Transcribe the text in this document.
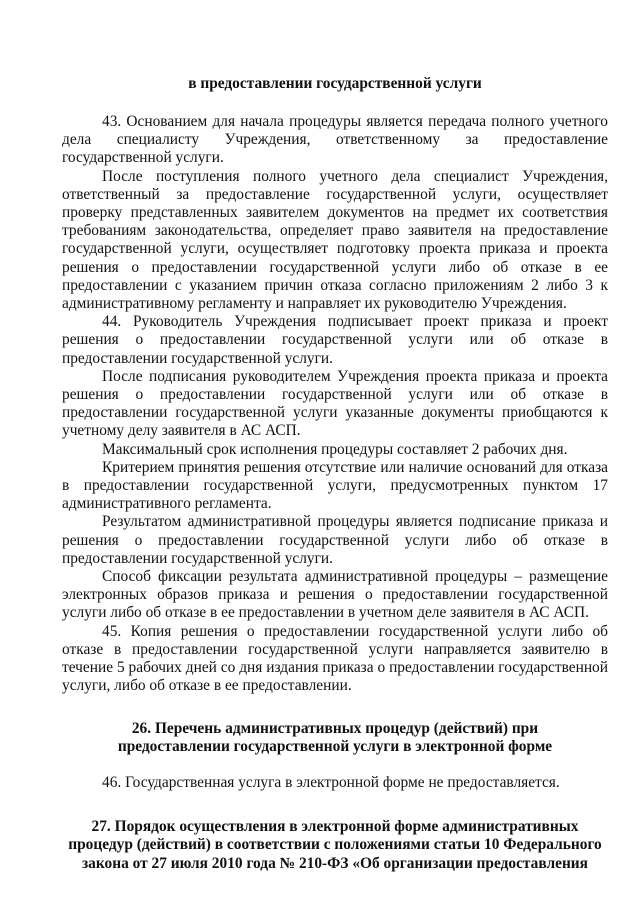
в предоставлении государственной услуги

43. Основанием для начала процедуры является передача полного учетного дела специалисту Учреждения, ответственному за предоставление государственной услуги.

После поступления полного учетного дела специалист Учреждения, ответственный за предоставление государственной услуги, осуществляет проверку представленных заявителем документов на предмет их соответствия требованиям законодательства, определяет право заявителя на предоставление государственной услуги, осуществляет подготовку проекта приказа и проекта решения о предоставлении государственной услуги либо об отказе в ее предоставлении с указанием причин отказа согласно приложениям 2 либо 3 к административному регламенту и направляет их руководителю Учреждения.

44. Руководитель Учреждения подписывает проект приказа и проект решения о предоставлении государственной услуги или об отказе в предоставлении государственной услуги.

После подписания руководителем Учреждения проекта приказа и проекта решения о предоставлении государственной услуги или об отказе в предоставлении государственной услуги указанные документы приобщаются к учетному делу заявителя в АС АСП.

Максимальный срок исполнения процедуры составляет 2 рабочих дня.

Критерием принятия решения отсутствие или наличие оснований для отказа в предоставлении государственной услуги, предусмотренных пунктом 17 административного регламента.

Результатом административной процедуры является подписание приказа и решения о предоставлении государственной услуги либо об отказе в предоставлении государственной услуги.

Способ фиксации результата административной процедуры – размещение электронных образов приказа и решения о предоставлении государственной услуги либо об отказе в ее предоставлении в учетном деле заявителя в АС АСП.

45. Копия решения о предоставлении государственной услуги либо об отказе в предоставлении государственной услуги направляется заявителю в течение 5 рабочих дней со дня издания приказа о предоставлении государственной услуги, либо об отказе в ее предоставлении.

26. Перечень административных процедур (действий) при предоставлении государственной услуги в электронной форме

46. Государственная услуга в электронной форме не предоставляется.

27. Порядок осуществления в электронной форме административных процедур (действий) в соответствии с положениями статьи 10 Федерального закона от 27 июля 2010 года № 210-ФЗ «Об организации предоставления
